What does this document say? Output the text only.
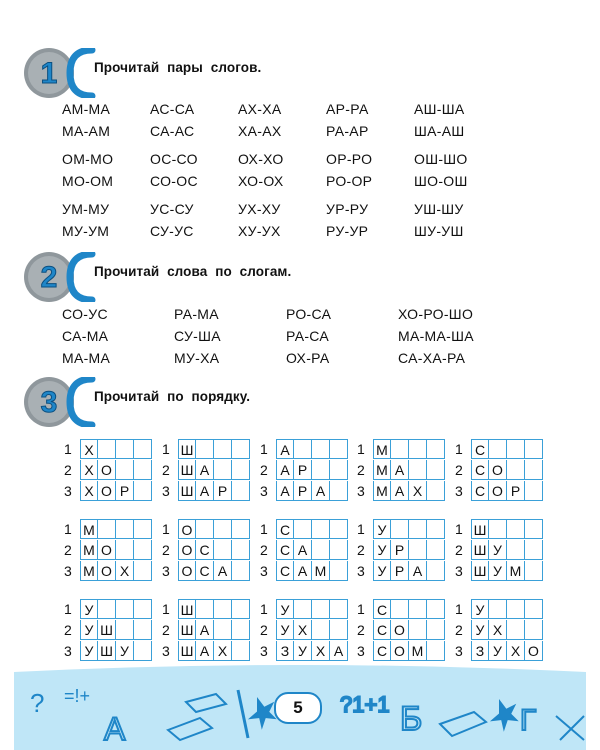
1	Прочитай пары слогов.
АМ-МА	АС-СА	АХ-ХА	АР-РА	АШ-ША
МА-АМ	СА-АС	ХА-АХ	РА-АР	ША-АШ
ОМ-МО	ОС-СО	ОХ-ХО	ОР-РО	ОШ-ШО
МО-ОМ	СО-ОС	ХО-ОХ	РО-ОР	ШО-ОШ
УМ-МУ	УС-СУ	УХ-ХУ	УР-РУ	УШ-ШУ
МУ-УМ	СУ-УС	ХУ-УХ	РУ-УР	ШУ-УШ
2	Прочитай слова по слогам.
СО-УС	РА-МА	РО-СА	ХО-РО-ШО
СА-МА	СУ-ША	РА-СА	МА-МА-ША
МА-МА	МУ-ХА	ОХ-РА	СА-ХА-РА
3	Прочитай по порядку.
1 Х
2 Х О
3 Х О Р
1 Ш
2 Ш А
3 Ш А Р
1 А
2 А Р
3 А Р А
1 М
2 М А
3 М А Х
1 С
2 С О
3 С О Р
1 М
2 М О
3 М О Х
1 О
2 О С
3 О С А
1 С
2 С А
3 С А М
1 У
2 У Р
3 У Р А
1 Ш
2 Ш У
3 Ш У М
1 У
2 У Ш
3 У Ш У
1 Ш
2 Ш А
3 Ш А Х
1 У
2 У Х
3 З У Х А
1 С
2 С О
3 С О М
1 У
2 У Х
3 З У Х О
? =!+
А
?1+1 Б	Г
5
